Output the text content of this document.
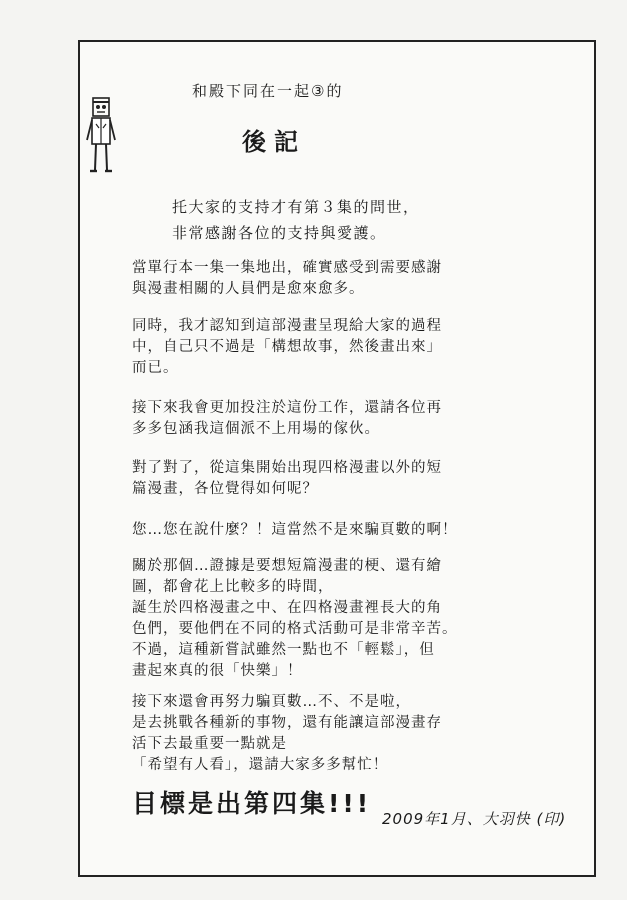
和殿下同在一起③的
後記
托大家的支持才有第３集的問世，
非常感謝各位的支持與愛護。
當單行本一集一集地出，確實感受到需要感謝
與漫畫相關的人員們是愈來愈多。
同時，我才認知到這部漫畫呈現給大家的過程
中，自己只不過是「構想故事，然後畫出來」
而已。
接下來我會更加投注於這份工作，還請各位再
多多包涵我這個派不上用場的傢伙。
對了對了，從這集開始出現四格漫畫以外的短
篇漫畫，各位覺得如何呢？
您…您在說什麼？！這當然不是來騙頁數的啊！
關於那個…證據是要想短篇漫畫的梗、還有繪
圖，都會花上比較多的時間，
誕生於四格漫畫之中、在四格漫畫裡長大的角
色們，要他們在不同的格式活動可是非常辛苦。
不過，這種新嘗試雖然一點也不「輕鬆」，但
畫起來真的很「快樂」！
接下來還會再努力騙頁數…不、不是啦，
是去挑戰各種新的事物，還有能讓這部漫畫存
活下去最重要一點就是
「希望有人看」，還請大家多多幫忙！
目標是出第四集!!!
2009年1月、大羽快 (印)
